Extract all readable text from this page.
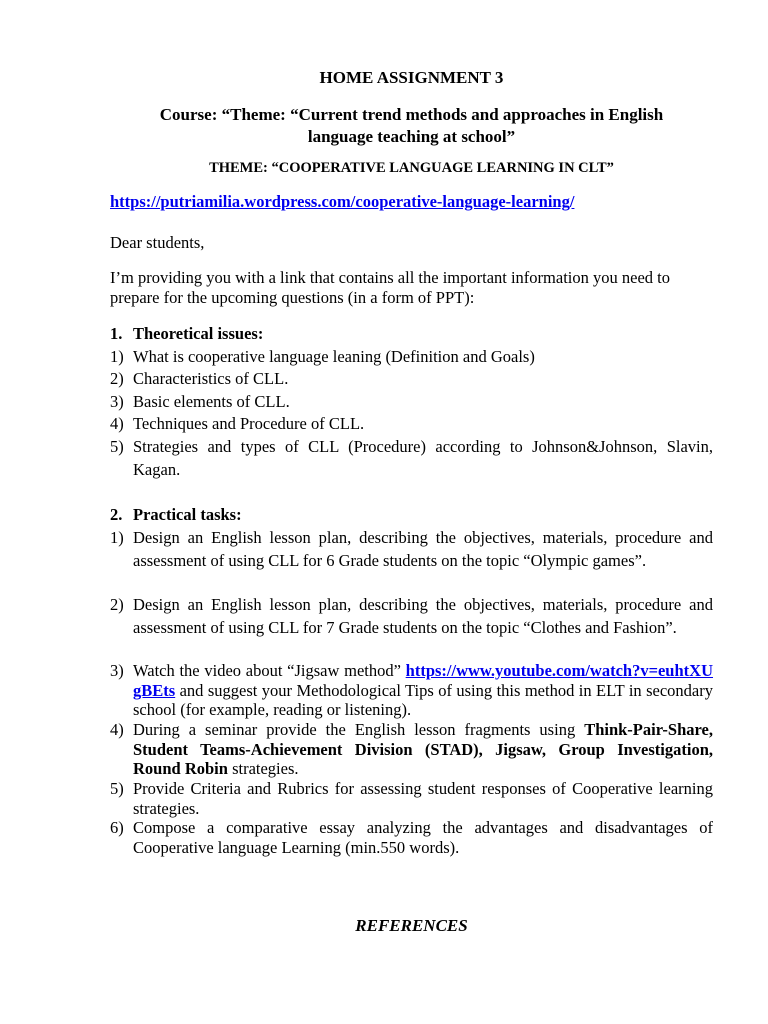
HOME ASSIGNMENT 3
Course: “Theme: “Current trend methods and approaches in English
language teaching at school”
THEME: “COOPERATIVE LANGUAGE LEARNING IN CLT”
https://putriamilia.wordpress.com/cooperative-language-learning/
Dear students,
I’m providing you with a link that contains all the important information you need to prepare for the upcoming questions (in a form of PPT):
1. Theoretical issues:
1) What is cooperative language leaning (Definition and Goals)
2) Characteristics of CLL.
3) Basic elements of CLL.
4) Techniques and Procedure of CLL.
5) Strategies and types of CLL (Procedure) according to Johnson&Johnson, Slavin, Kagan.
2. Practical tasks:
1) Design an English lesson plan, describing the objectives, materials, procedure and assessment of using CLL for 6 Grade students on the topic “Olympic games”.
2) Design an English lesson plan, describing the objectives, materials, procedure and assessment of using CLL for 7 Grade students on the topic “Clothes and Fashion”.
3) Watch the video about “Jigsaw method” https://www.youtube.com/watch?v=euhtXUgBEts and suggest your Methodological Tips of using this method in ELT in secondary school (for example, reading or listening).
4) During a seminar provide the English lesson fragments using Think-Pair-Share, Student Teams-Achievement Division (STAD), Jigsaw, Group Investigation, Round Robin strategies.
5) Provide Criteria and Rubrics for assessing student responses of Cooperative learning strategies.
6) Compose a comparative essay analyzing the advantages and disadvantages of Cooperative language Learning (min.550 words).
REFERENCES
